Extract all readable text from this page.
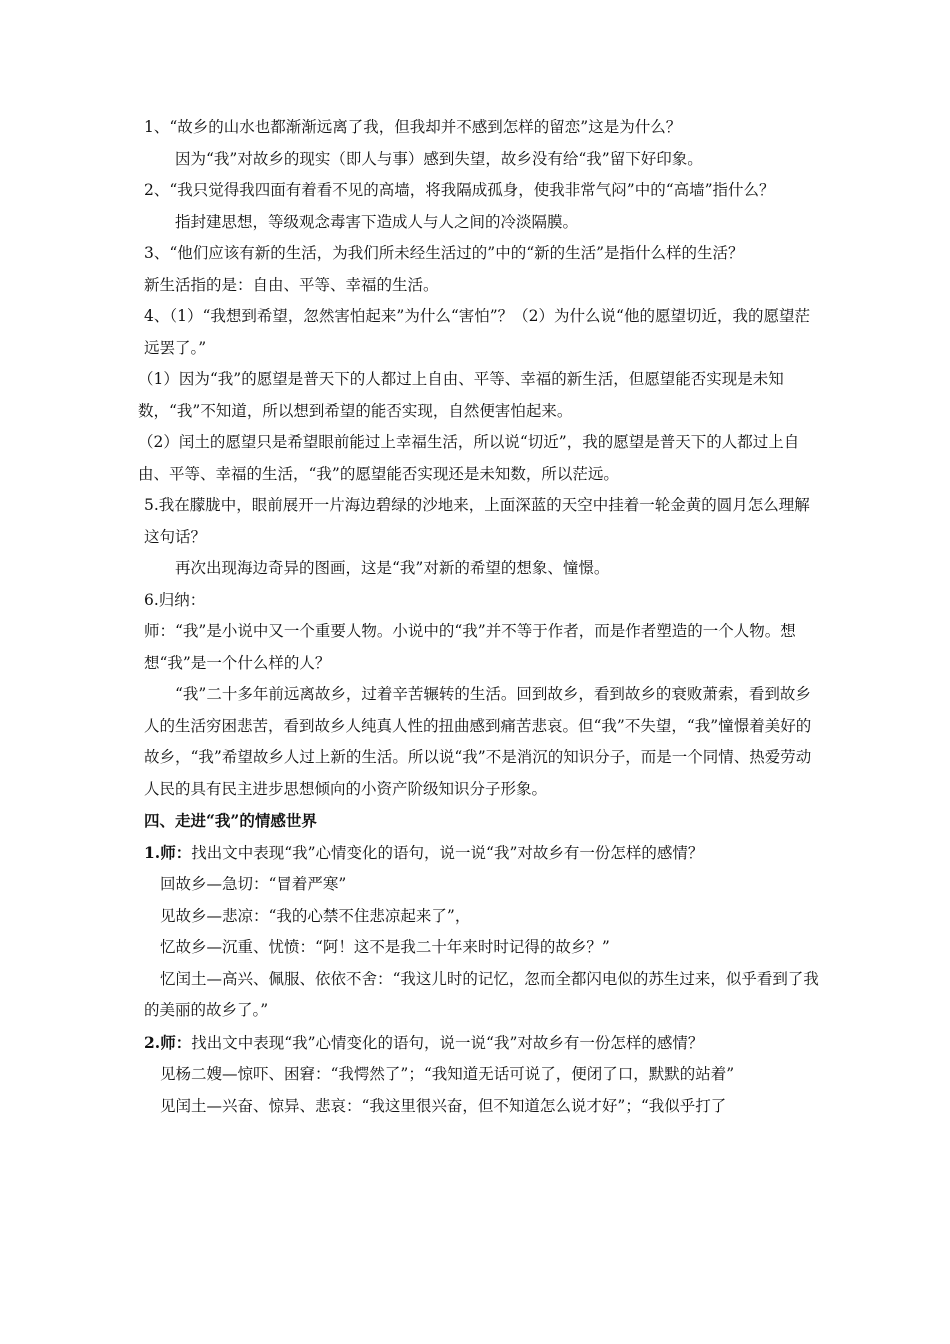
1、“故乡的山水也都渐渐远离了我，但我却并不感到怎样的留恋”这是为什么？

因为“我”对故乡的现实（即人与事）感到失望，故乡没有给“我”留下好印象。

2、“我只觉得我四面有着看不见的高墙，将我隔成孤身，使我非常气闷”中的“高墙”指什么？

指封建思想，等级观念毒害下造成人与人之间的冷淡隔膜。

3、“他们应该有新的生活，为我们所未经生活过的”中的“新的生活”是指什么样的生活？

新生活指的是：自由、平等、幸福的生活。

4、（1）“我想到希望，忽然害怕起来”为什么“害怕”？（2）为什么说“他的愿望切近，我的愿望茫远罢了。”

（1）因为“我”的愿望是普天下的人都过上自由、平等、幸福的新生活，但愿望能否实现是未知数，“我”不知道，所以想到希望的能否实现，自然便害怕起来。

（2）闰土的愿望只是希望眼前能过上幸福生活，所以说“切近”，我的愿望是普天下的人都过上自由、平等、幸福的生活，“我”的愿望能否实现还是未知数，所以茫远。

5.我在朦胧中，眼前展开一片海边碧绿的沙地来，上面深蓝的天空中挂着一轮金黄的圆月怎么理解这句话？

再次出现海边奇异的图画，这是“我”对新的希望的想象、憧憬。

6.归纳：

师：“我”是小说中又一个重要人物。小说中的“我”并不等于作者，而是作者塑造的一个人物。想想“我”是一个什么样的人？

“我”二十多年前远离故乡，过着辛苦辗转的生活。回到故乡，看到故乡的衰败萧索，看到故乡人的生活穷困悲苦，看到故乡人纯真人性的扭曲感到痛苦悲哀。但“我”不失望，“我”憧憬着美好的故乡，“我”希望故乡人过上新的生活。所以说“我”不是消沉的知识分子，而是一个同情、热爱劳动人民的具有民主进步思想倾向的小资产阶级知识分子形象。

四、走进“我”的情感世界

1.师：找出文中表现“我”心情变化的语句，说一说“我”对故乡有一份怎样的感情？

回故乡—急切：“冒着严寒”

见故乡—悲凉：“我的心禁不住悲凉起来了”，

忆故乡—沉重、忧愤：“阿！这不是我二十年来时时记得的故乡？”

忆闰土—高兴、佩服、依依不舍：“我这儿时的记忆，忽而全都闪电似的苏生过来，似乎看到了我的美丽的故乡了。”

2.师：找出文中表现“我”心情变化的语句，说一说“我”对故乡有一份怎样的感情？

见杨二嫂—惊吓、困窘：“我愕然了”；“我知道无话可说了，便闭了口，默默的站着”

见闰土—兴奋、惊异、悲哀：“我这里很兴奋，但不知道怎么说才好”；“我似乎打了
